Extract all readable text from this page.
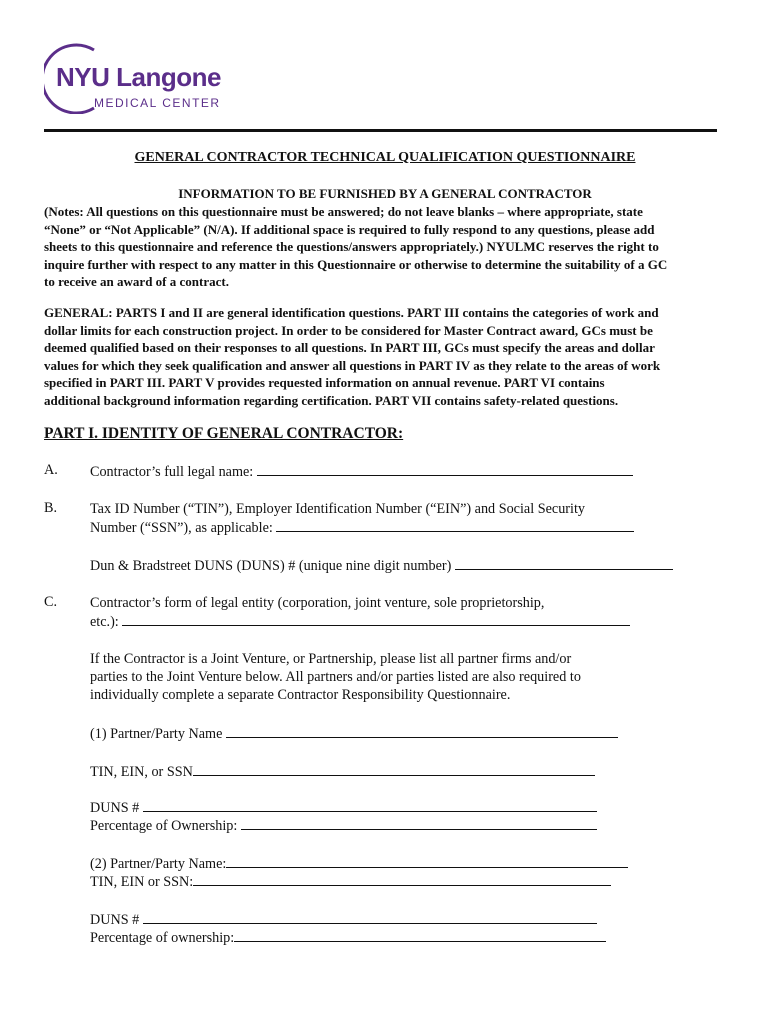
NYU Langone
MEDICAL CENTER
GENERAL CONTRACTOR TECHNICAL QUALIFICATION QUESTIONNAIRE
INFORMATION TO BE FURNISHED BY A GENERAL CONTRACTOR
(Notes: All questions on this questionnaire must be answered; do not leave blanks – where appropriate, state
“None” or “Not Applicable” (N/A). If additional space is required to fully respond to any questions, please add
sheets to this questionnaire and reference the questions/answers appropriately.) NYULMC reserves the right to
inquire further with respect to any matter in this Questionnaire or otherwise to determine the suitability of a GC
to receive an award of a contract.
GENERAL: PARTS I and II are general identification questions. PART III contains the categories of work and
dollar limits for each construction project. In order to be considered for Master Contract award, GCs must be
deemed qualified based on their responses to all questions. In PART III, GCs must specify the areas and dollar
values for which they seek qualification and answer all questions in PART IV as they relate to the areas of work
specified in PART III. PART V provides requested information on annual revenue. PART VI contains
additional background information regarding certification. PART VII contains safety-related questions.
PART I. IDENTITY OF GENERAL CONTRACTOR:
A. Contractor’s full legal name:
B. Tax ID Number (“TIN”), Employer Identification Number (“EIN”) and Social Security
Number (“SSN”), as applicable:
Dun & Bradstreet DUNS (DUNS) # (unique nine digit number)
C. Contractor’s form of legal entity (corporation, joint venture, sole proprietorship,
etc.):
If the Contractor is a Joint Venture, or Partnership, please list all partner firms and/or
parties to the Joint Venture below. All partners and/or parties listed are also required to
individually complete a separate Contractor Responsibility Questionnaire.
(1) Partner/Party Name
TIN, EIN, or SSN
DUNS #
Percentage of Ownership:
(2) Partner/Party Name:
TIN, EIN or SSN:
DUNS #
Percentage of ownership:
